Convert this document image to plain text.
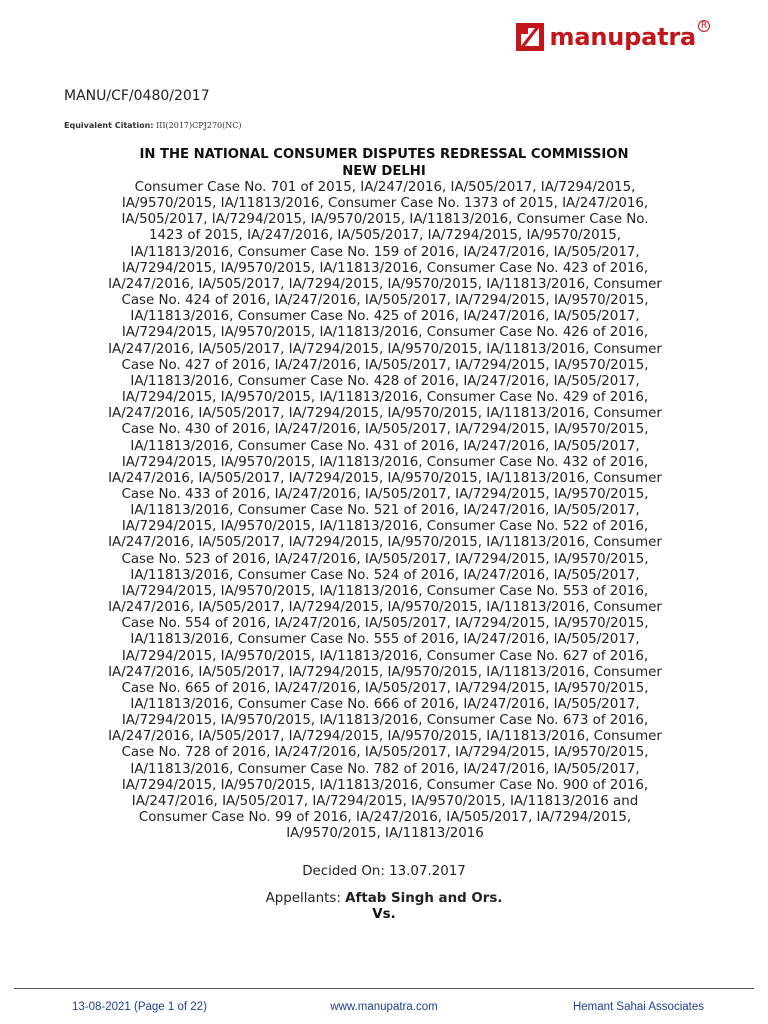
manupatra R
MANU/CF/0480/2017
Equivalent Citation: III(2017)CPJ270(NC)
IN THE NATIONAL CONSUMER DISPUTES REDRESSAL COMMISSION
NEW DELHI
Consumer Case No. 701 of 2015, IA/247/2016, IA/505/2017, IA/7294/2015,
IA/9570/2015, IA/11813/2016, Consumer Case No. 1373 of 2015, IA/247/2016,
IA/505/2017, IA/7294/2015, IA/9570/2015, IA/11813/2016, Consumer Case No.
1423 of 2015, IA/247/2016, IA/505/2017, IA/7294/2015, IA/9570/2015,
IA/11813/2016, Consumer Case No. 159 of 2016, IA/247/2016, IA/505/2017,
IA/7294/2015, IA/9570/2015, IA/11813/2016, Consumer Case No. 423 of 2016,
IA/247/2016, IA/505/2017, IA/7294/2015, IA/9570/2015, IA/11813/2016, Consumer
Case No. 424 of 2016, IA/247/2016, IA/505/2017, IA/7294/2015, IA/9570/2015,
IA/11813/2016, Consumer Case No. 425 of 2016, IA/247/2016, IA/505/2017,
IA/7294/2015, IA/9570/2015, IA/11813/2016, Consumer Case No. 426 of 2016,
IA/247/2016, IA/505/2017, IA/7294/2015, IA/9570/2015, IA/11813/2016, Consumer
Case No. 427 of 2016, IA/247/2016, IA/505/2017, IA/7294/2015, IA/9570/2015,
IA/11813/2016, Consumer Case No. 428 of 2016, IA/247/2016, IA/505/2017,
IA/7294/2015, IA/9570/2015, IA/11813/2016, Consumer Case No. 429 of 2016,
IA/247/2016, IA/505/2017, IA/7294/2015, IA/9570/2015, IA/11813/2016, Consumer
Case No. 430 of 2016, IA/247/2016, IA/505/2017, IA/7294/2015, IA/9570/2015,
IA/11813/2016, Consumer Case No. 431 of 2016, IA/247/2016, IA/505/2017,
IA/7294/2015, IA/9570/2015, IA/11813/2016, Consumer Case No. 432 of 2016,
IA/247/2016, IA/505/2017, IA/7294/2015, IA/9570/2015, IA/11813/2016, Consumer
Case No. 433 of 2016, IA/247/2016, IA/505/2017, IA/7294/2015, IA/9570/2015,
IA/11813/2016, Consumer Case No. 521 of 2016, IA/247/2016, IA/505/2017,
IA/7294/2015, IA/9570/2015, IA/11813/2016, Consumer Case No. 522 of 2016,
IA/247/2016, IA/505/2017, IA/7294/2015, IA/9570/2015, IA/11813/2016, Consumer
Case No. 523 of 2016, IA/247/2016, IA/505/2017, IA/7294/2015, IA/9570/2015,
IA/11813/2016, Consumer Case No. 524 of 2016, IA/247/2016, IA/505/2017,
IA/7294/2015, IA/9570/2015, IA/11813/2016, Consumer Case No. 553 of 2016,
IA/247/2016, IA/505/2017, IA/7294/2015, IA/9570/2015, IA/11813/2016, Consumer
Case No. 554 of 2016, IA/247/2016, IA/505/2017, IA/7294/2015, IA/9570/2015,
IA/11813/2016, Consumer Case No. 555 of 2016, IA/247/2016, IA/505/2017,
IA/7294/2015, IA/9570/2015, IA/11813/2016, Consumer Case No. 627 of 2016,
IA/247/2016, IA/505/2017, IA/7294/2015, IA/9570/2015, IA/11813/2016, Consumer
Case No. 665 of 2016, IA/247/2016, IA/505/2017, IA/7294/2015, IA/9570/2015,
IA/11813/2016, Consumer Case No. 666 of 2016, IA/247/2016, IA/505/2017,
IA/7294/2015, IA/9570/2015, IA/11813/2016, Consumer Case No. 673 of 2016,
IA/247/2016, IA/505/2017, IA/7294/2015, IA/9570/2015, IA/11813/2016, Consumer
Case No. 728 of 2016, IA/247/2016, IA/505/2017, IA/7294/2015, IA/9570/2015,
IA/11813/2016, Consumer Case No. 782 of 2016, IA/247/2016, IA/505/2017,
IA/7294/2015, IA/9570/2015, IA/11813/2016, Consumer Case No. 900 of 2016,
IA/247/2016, IA/505/2017, IA/7294/2015, IA/9570/2015, IA/11813/2016 and
Consumer Case No. 99 of 2016, IA/247/2016, IA/505/2017, IA/7294/2015,
IA/9570/2015, IA/11813/2016
Decided On: 13.07.2017
Appellants: Aftab Singh and Ors.
Vs.
13-08-2021 (Page 1 of 22)	www.manupatra.com	Hemant Sahai Associates
